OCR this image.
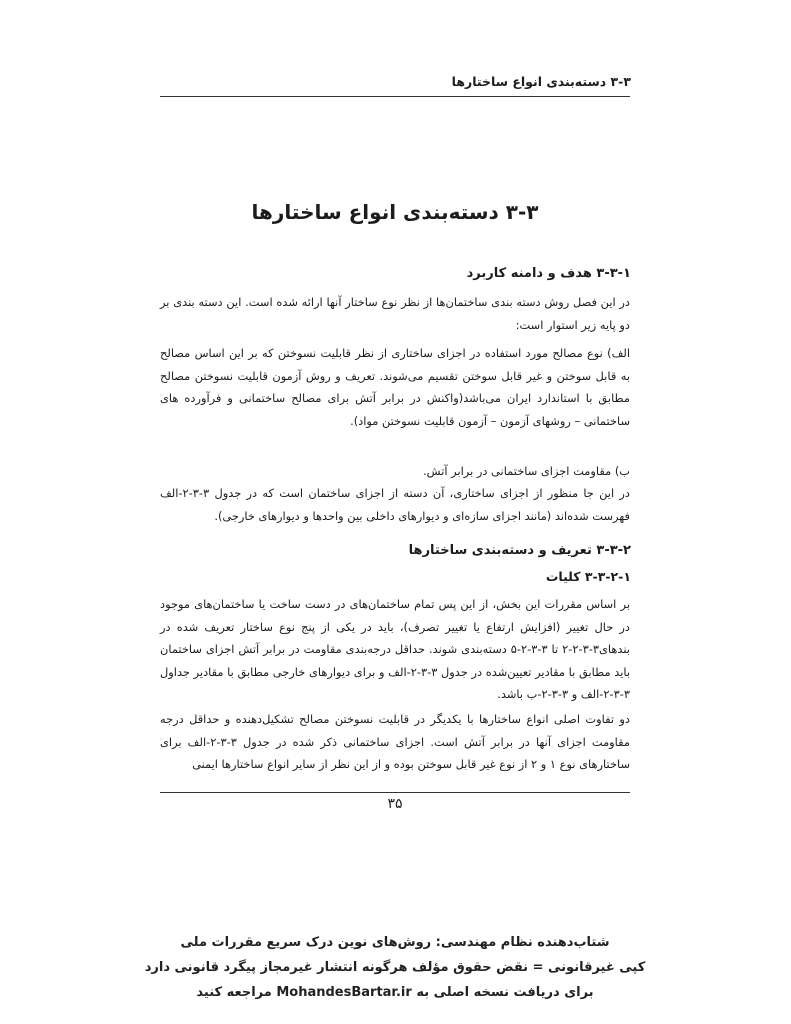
۳-۳ دسته‌بندی انواع ساختارها
۳-۳ دسته‌بندی انواع ساختارها
۳-۳-۱ هدف و دامنه کاربرد

در این فصل روش دسته بندی ساختمان‌ها از نظر نوع ساختار آنها ارائه شده است. این دسته بندی بر دو پایه زیر استوار است:

الف) نوع مصالح مورد استفاده در اجزای ساختاری از نظر قابلیت نسوختن که بر این اساس مصالح به قابل سوختن و غیر قابل سوختن تقسیم می‌شوند. تعریف و روش آزمون قابلیت نسوختن مصالح مطابق با استاندارد ایران می‌باشد(واکنش در برابر آتش برای مصالح ساختمانی و فرآورده های ساختمانی – روشهای آزمون – آزمون قابلیت نسوختن مواد).

ب) مقاومت اجزای ساختمانی در برابر آتش.

در این جا منظور از اجزای ساختاری، آن دسته از اجزای ساختمان است که در جدول ۳-۳-۲-الف فهرست شده‌اند (مانند اجزای سازه‌ای و دیوارهای داخلی بین واحدها و دیوارهای خارجی).

۳-۳-۲ تعریف و دسته‌بندی ساختارها
۳-۳-۲-۱ کلیات

بر اساس مقررات این بخش، از این پس تمام ساختمان‌های در دست ساخت یا ساختمان‌های موجود در حال تغییر (افزایش ارتفاع یا تغییر تصرف)، باید در یکی از پنج نوع ساختار تعریف شده در بندهای۳-۳-۲-۲ تا ۳-۳-۲-۵ دسته‌بندی شوند. حداقل درجه‌بندی مقاومت در برابر آتش اجزای ساختمان باید مطابق با مقادیر تعیین‌شده در جدول ۳-۳-۲-الف و برای دیوارهای خارجی مطابق با مقادیر جداول ۳-۳-۲-الف و ۳-۳-۲-ب باشد.

دو تفاوت اصلی انواع ساختارها با یکدیگر در قابلیت نسوختن مصالح تشکیل‌دهنده و حداقل درجه مقاومت اجزای آنها در برابر آتش است. اجزای ساختمانی ذکر شده در جدول ۳-۳-۲-الف برای ساختارهای نوع ۱ و ۲ از نوع غیر قابل سوختن بوده و از این نظر از سایر انواع ساختارها ایمنی

۳۵
شتاب‌دهنده نظام مهندسی: روش‌های نوین درک سریع مقررات ملی
کپی غیرقانونی = نقض حقوق مؤلف هرگونه انتشار غیرمجاز پیگرد قانونی دارد
برای دریافت نسخه اصلی به MohandesBartar.ir مراجعه کنید
